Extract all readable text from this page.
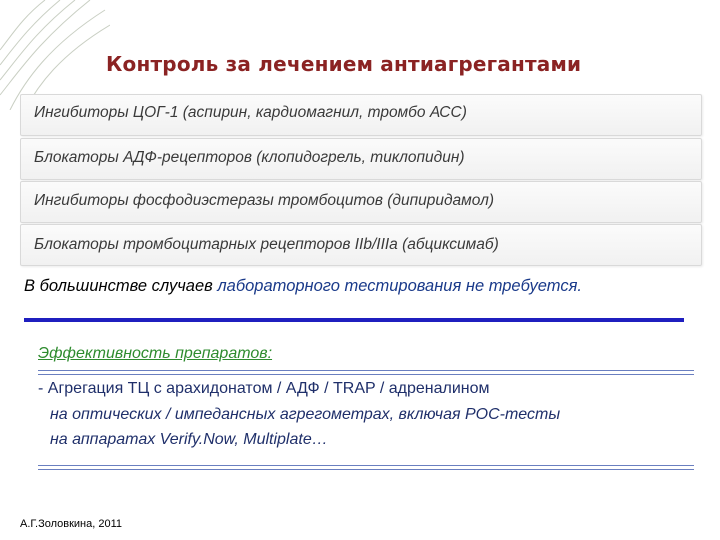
Контроль за лечением антиагрегантами
Ингибиторы ЦОГ-1 (аспирин, кардиомагнил, тромбо АСС)
Блокаторы АДФ-рецепторов (клопидогрель, тиклопидин)
Ингибиторы фосфодиэстеразы тромбоцитов (дипиридамол)
Блокаторы тромбоцитарных рецепторов IIb/IIIa (абциксимаб)
В большинстве случаев лабораторного тестирования не требуется.
Эффективность препаратов:
- Агрегация ТЦ с арахидонатом / АДФ / TRAP / адреналином
на оптических / импедансных агрегометрах, включая РОС-тесты
на аппаратах Verify.Now, Multiplate…
А.Г.Золовкина, 2011
